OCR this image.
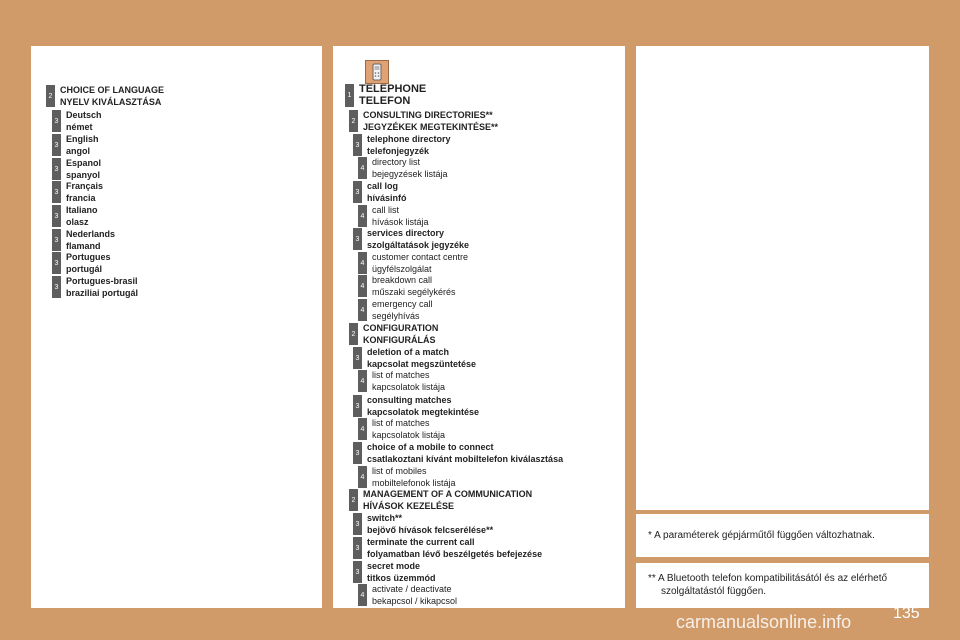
2
CHOICE OF LANGUAGE
NYELV KIVÁLASZTÁSA
3
Deutsch
német
3
English
angol
3
Espanol
spanyol
3
Français
francia
3
Italiano
olasz
3
Nederlands
flamand
3
Portugues
portugál
3
Portugues-brasil
braziliai portugál
1
TELEPHONE
TELEFON
2
CONSULTING DIRECTORIES**
JEGYZÉKEK MEGTEKINTÉSE**
3
telephone directory
telefonjegyzék
4
directory list
bejegyzések listája
3
call log
hívásinfó
4
call list
hívások listája
3
services directory
szolgáltatások jegyzéke
4
customer contact centre
ügyfélszolgálat
4
breakdown call
műszaki segélykérés
4
emergency call
segélyhívás
2
CONFIGURATION
KONFIGURÁLÁS
3
deletion of a match
kapcsolat megszüntetése
4
list of matches
kapcsolatok listája
3
consulting matches
kapcsolatok megtekintése
4
list of matches
kapcsolatok listája
3
choice of a mobile to connect
csatlakoztani kívánt mobiltelefon kiválasztása
4
list of mobiles
mobiltelefonok listája
2
MANAGEMENT OF A COMMUNICATION
HÍVÁSOK KEZELÉSE
3
switch**
bejövő hívások felcserélése**
3
terminate the current call
folyamatban lévő beszélgetés befejezése
3
secret mode
titkos üzemmód
4
activate / deactivate
bekapcsol / kikapcsol
* A paraméterek gépjárműtől függően változhatnak.
** A Bluetooth telefon kompatibilitásától és az elérhető
szolgáltatástól függően.
135
carmanualsonline.info
